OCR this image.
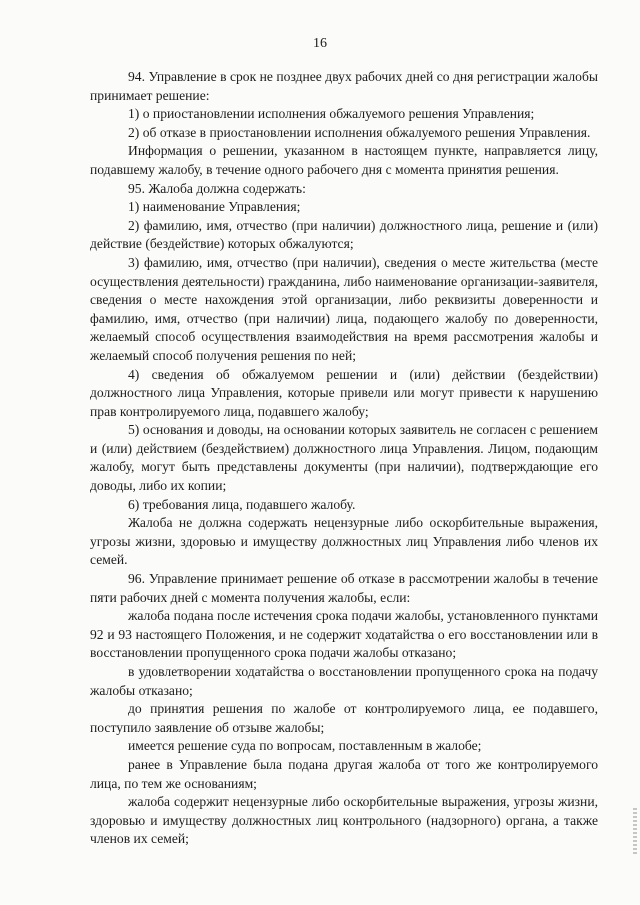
16

94. Управление в срок не позднее двух рабочих дней со дня регистрации жалобы принимает решение:

1) о приостановлении исполнения обжалуемого решения Управления;

2) об отказе в приостановлении исполнения обжалуемого решения Управления.

Информация о решении, указанном в настоящем пункте, направляется лицу, подавшему жалобу, в течение одного рабочего дня с момента принятия решения.

95. Жалоба должна содержать:

1) наименование Управления;

2) фамилию, имя, отчество (при наличии) должностного лица, решение и (или) действие (бездействие) которых обжалуются;

3) фамилию, имя, отчество (при наличии), сведения о месте жительства (месте осуществления деятельности) гражданина, либо наименование организации-заявителя, сведения о месте нахождения этой организации, либо реквизиты доверенности и фамилию, имя, отчество (при наличии) лица, подающего жалобу по доверенности, желаемый способ осуществления взаимодействия на время рассмотрения жалобы и желаемый способ получения решения по ней;

4) сведения об обжалуемом решении и (или) действии (бездействии) должностного лица Управления, которые привели или могут привести к нарушению прав контролируемого лица, подавшего жалобу;

5) основания и доводы, на основании которых заявитель не согласен с решением и (или) действием (бездействием) должностного лица Управления. Лицом, подающим жалобу, могут быть представлены документы (при наличии), подтверждающие его доводы, либо их копии;

6) требования лица, подавшего жалобу.

Жалоба не должна содержать нецензурные либо оскорбительные выражения, угрозы жизни, здоровью и имуществу должностных лиц Управления либо членов их семей.

96. Управление принимает решение об отказе в рассмотрении жалобы в течение пяти рабочих дней с момента получения жалобы, если:

жалоба подана после истечения срока подачи жалобы, установленного пунктами 92 и 93 настоящего Положения, и не содержит ходатайства о его восстановлении или в восстановлении пропущенного срока подачи жалобы отказано;

в удовлетворении ходатайства о восстановлении пропущенного срока на подачу жалобы отказано;

до принятия решения по жалобе от контролируемого лица, ее подавшего, поступило заявление об отзыве жалобы;

имеется решение суда по вопросам, поставленным в жалобе;

ранее в Управление была подана другая жалоба от того же контролируемого лица, по тем же основаниям;

жалоба содержит нецензурные либо оскорбительные выражения, угрозы жизни, здоровью и имуществу должностных лиц контрольного (надзорного) органа, а также членов их семей;
